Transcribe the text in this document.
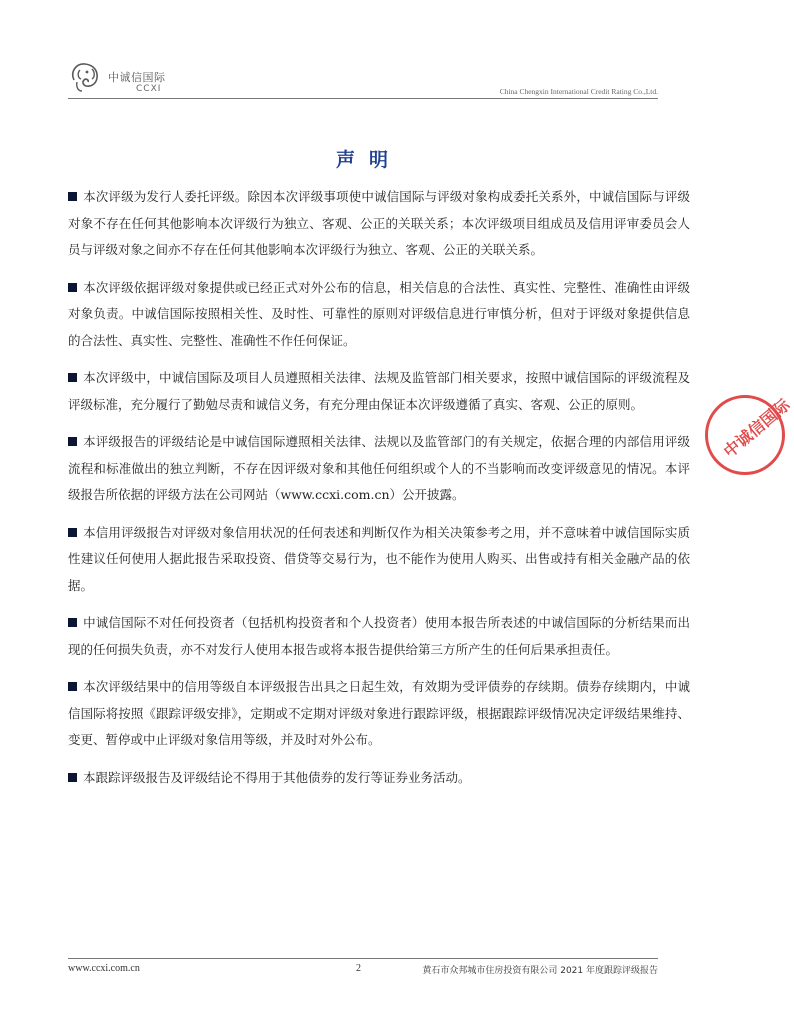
中诚信国际
CCXI	China Chengxin International Credit Rating Co.,Ltd.
声明

本次评级为发行人委托评级。除因本次评级事项使中诚信国际与评级对象构成委托关系外，中诚信国际与评级对象不存在任何其他影响本次评级行为独立、客观、公正的关联关系；本次评级项目组成员及信用评审委员会人员与评级对象之间亦不存在任何其他影响本次评级行为独立、客观、公正的关联关系。

本次评级依据评级对象提供或已经正式对外公布的信息，相关信息的合法性、真实性、完整性、准确性由评级对象负责。中诚信国际按照相关性、及时性、可靠性的原则对评级信息进行审慎分析，但对于评级对象提供信息的合法性、真实性、完整性、准确性不作任何保证。

本次评级中，中诚信国际及项目人员遵照相关法律、法规及监管部门相关要求，按照中诚信国际的评级流程及评级标准，充分履行了勤勉尽责和诚信义务，有充分理由保证本次评级遵循了真实、客观、公正的原则。

本评级报告的评级结论是中诚信国际遵照相关法律、法规以及监管部门的有关规定，依据合理的内部信用评级流程和标准做出的独立判断，不存在因评级对象和其他任何组织或个人的不当影响而改变评级意见的情况。本评级报告所依据的评级方法在公司网站（www.ccxi.com.cn）公开披露。

本信用评级报告对评级对象信用状况的任何表述和判断仅作为相关决策参考之用，并不意味着中诚信国际实质性建议任何使用人据此报告采取投资、借贷等交易行为，也不能作为使用人购买、出售或持有相关金融产品的依据。

中诚信国际不对任何投资者（包括机构投资者和个人投资者）使用本报告所表述的中诚信国际的分析结果而出现的任何损失负责，亦不对发行人使用本报告或将本报告提供给第三方所产生的任何后果承担责任。

本次评级结果中的信用等级自本评级报告出具之日起生效，有效期为受评债券的存续期。债券存续期内，中诚信国际将按照《跟踪评级安排》，定期或不定期对评级对象进行跟踪评级，根据跟踪评级情况决定评级结果维持、变更、暂停或中止评级对象信用等级，并及时对外公布。

本跟踪评级报告及评级结论不得用于其他债券的发行等证券业务活动。

中诚信国际
www.ccxi.com.cn	2	黄石市众邦城市住房投资有限公司 2021 年度跟踪评级报告
